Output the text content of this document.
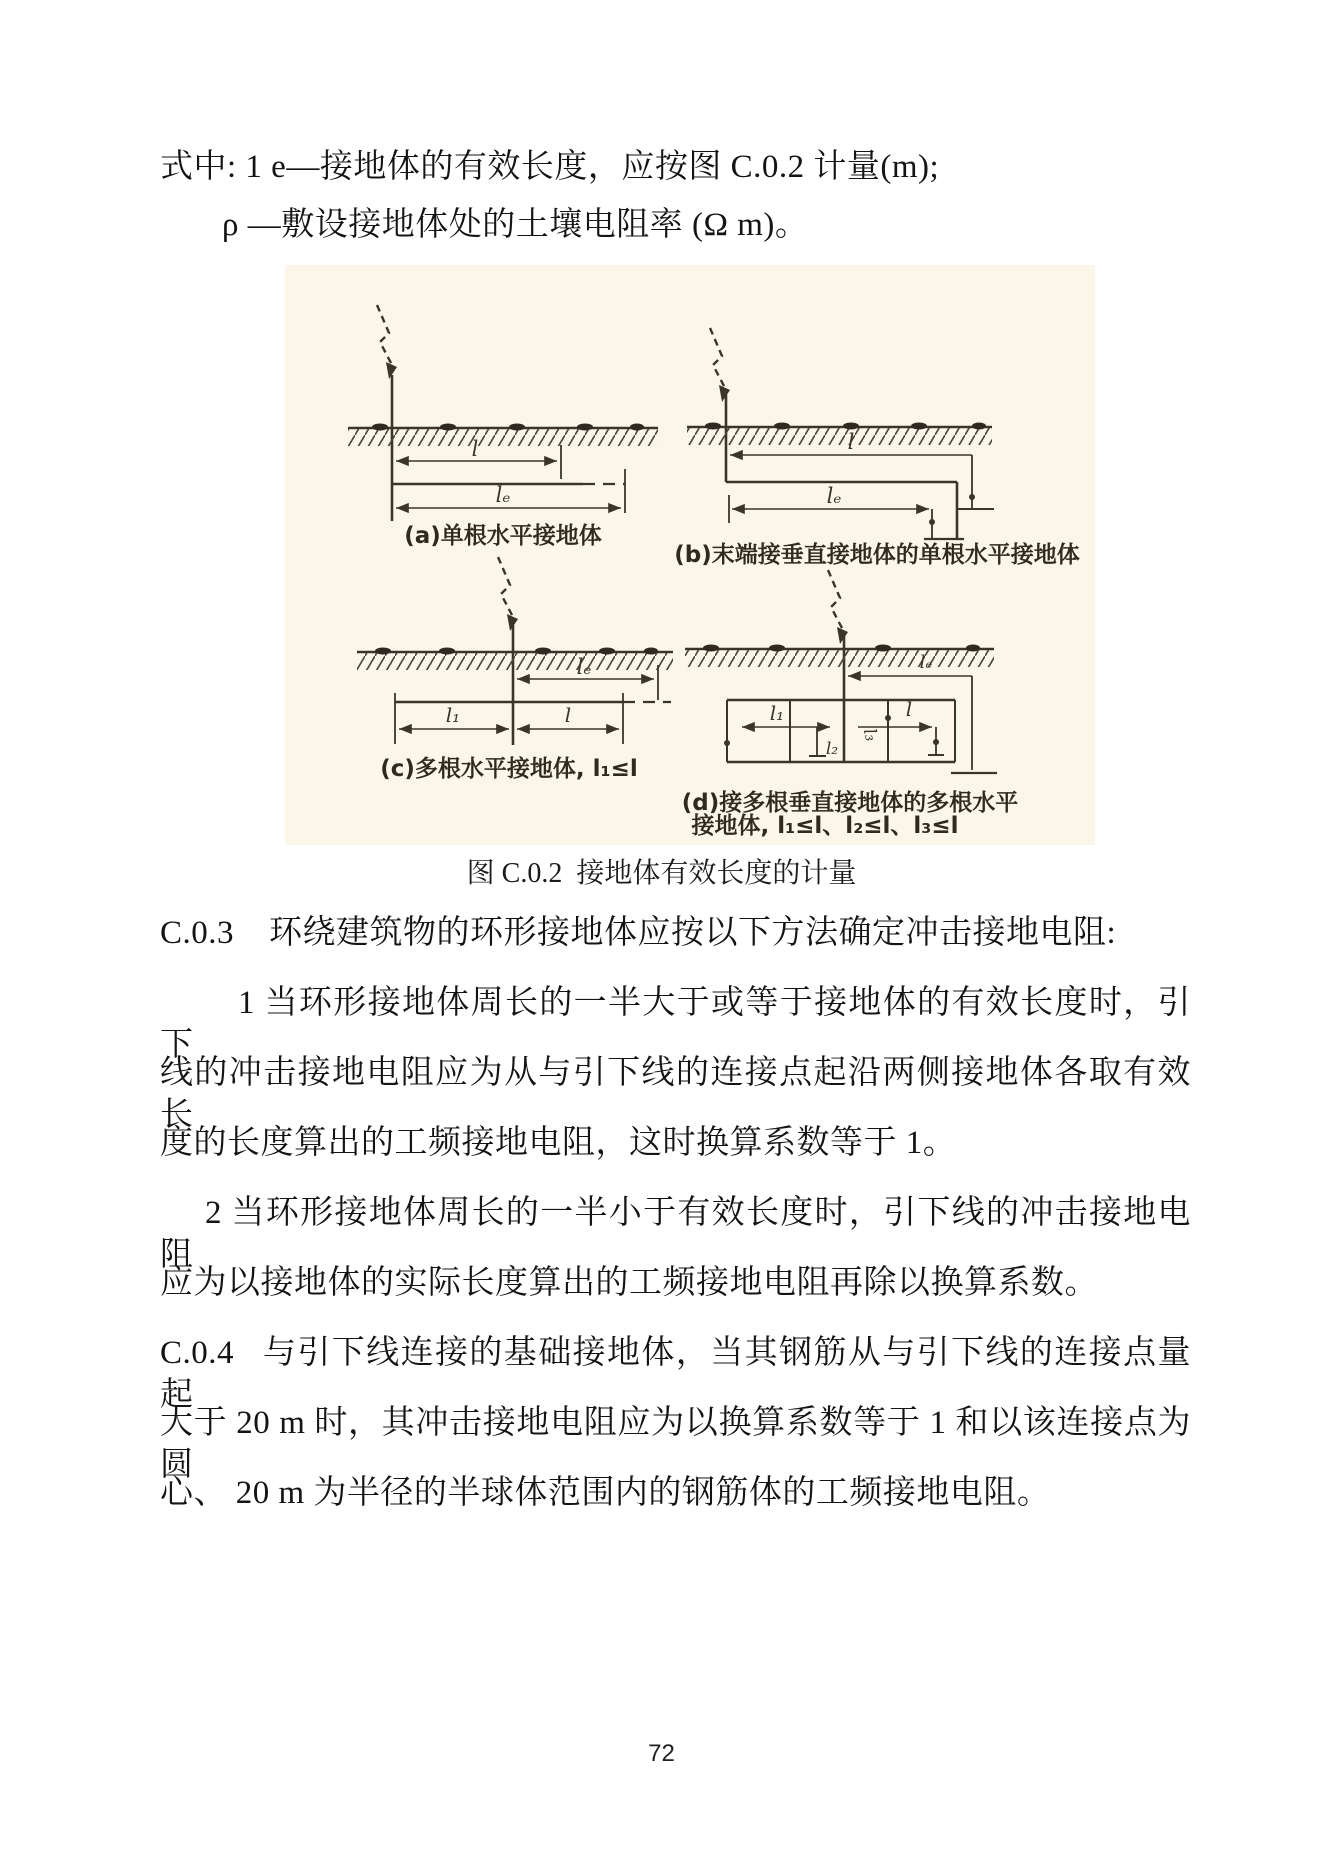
式中: 1 e—接地体的有效长度，应按图 C.0.2 计量(m);
ρ —敷设接地体处的土壤电阻率 (Ω m)。
l
lₑ
(a)单根水平接地体
l
lₑ
(b)末端接垂直接地体的单根水平接地体
lₑ
l₁	l
(c)多根水平接地体, l₁≤l
lₑ
l₁	l
l₂
l₃
(d)接多根垂直接地体的多根水平
接地体, l₁≤l、l₂≤l、l₃≤l
图 C.0.2  接地体有效长度的计量
C.0.3    环绕建筑物的环形接地体应按以下方法确定冲击接地电阻:
1 当环形接地体周长的一半大于或等于接地体的有效长度时，引下
线的冲击接地电阻应为从与引下线的连接点起沿两侧接地体各取有效长
度的长度算出的工频接地电阻，这时换算系数等于 1。
2 当环形接地体周长的一半小于有效长度时，引下线的冲击接地电阻
应为以接地体的实际长度算出的工频接地电阻再除以换算系数。
C.0.4   与引下线连接的基础接地体，当其钢筋从与引下线的连接点量起
大于 20 m 时，其冲击接地电阻应为以换算系数等于 1 和以该连接点为圆
心、 20 m 为半径的半球体范围内的钢筋体的工频接地电阻。
72
